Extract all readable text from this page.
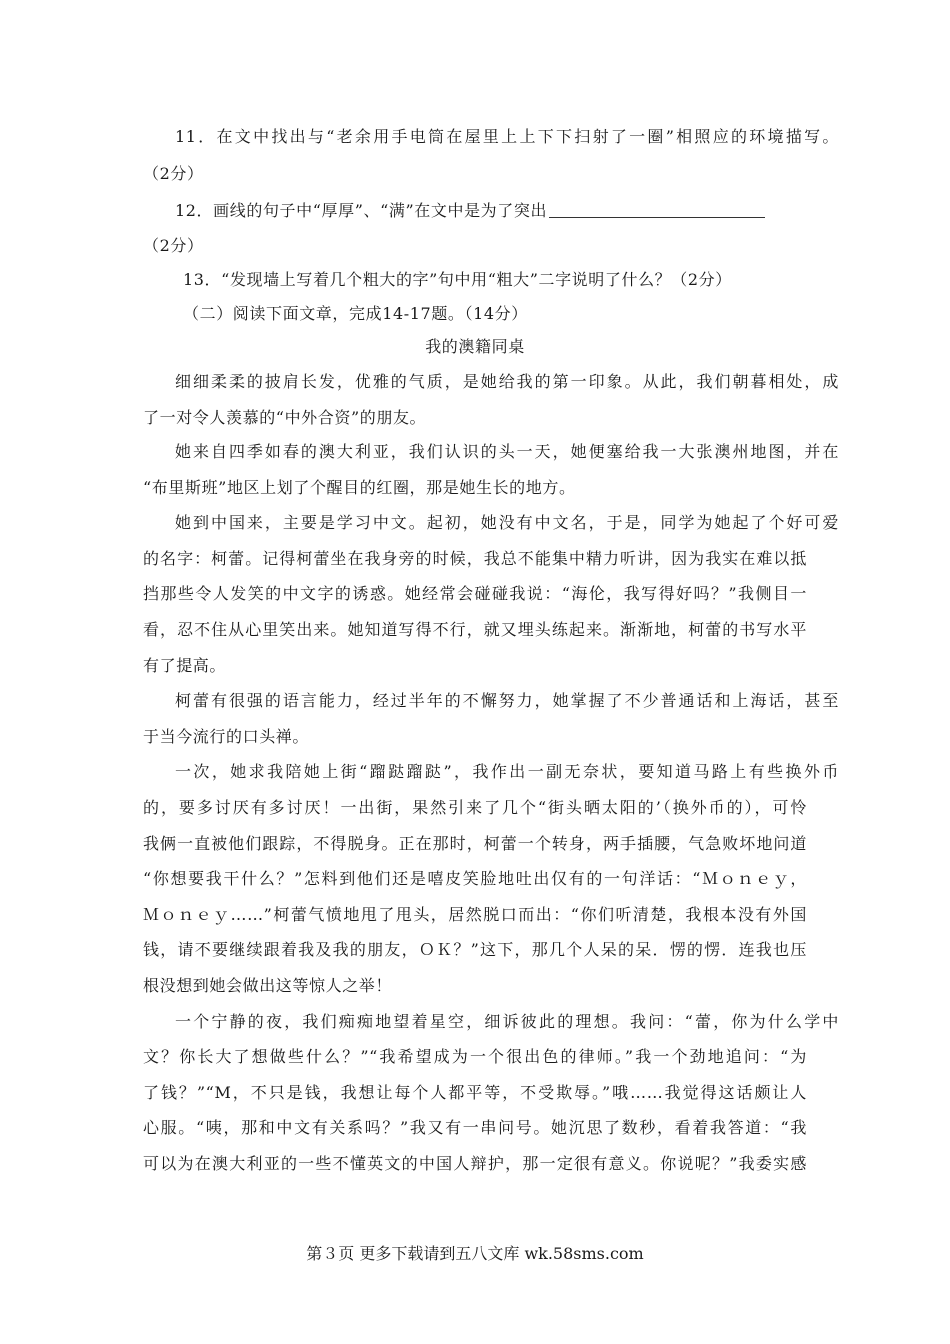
11．在文中找出与“老余用手电筒在屋里上上下下扫射了一圈”相照应的环境描写。
（2分）
12．画线的句子中“厚厚”、“满”在文中是为了突出
（2分）
13．“发现墙上写着几个粗大的字”句中用“粗大”二字说明了什么？（2分）
（二）阅读下面文章，完成14-17题。（14分）
我的澳籍同桌
细细柔柔的披肩长发，优雅的气质，是她给我的第一印象。从此，我们朝暮相处，成
了一对令人羡慕的“中外合资”的朋友。
她来自四季如春的澳大利亚，我们认识的头一天，她便塞给我一大张澳州地图，并在
“布里斯班”地区上划了个醒目的红圈，那是她生长的地方。
她到中国来，主要是学习中文。起初，她没有中文名，于是，同学为她起了个好可爱
的名字：柯蕾。记得柯蕾坐在我身旁的时候，我总不能集中精力听讲，因为我实在难以抵
挡那些令人发笑的中文字的诱惑。她经常会碰碰我说：“海伦，我写得好吗？”我侧目一
看，忍不住从心里笑出来。她知道写得不行，就又埋头练起来。渐渐地，柯蕾的书写水平
有了提高。
柯蕾有很强的语言能力，经过半年的不懈努力，她掌握了不少普通话和上海话，甚至
于当今流行的口头禅。
一次，她求我陪她上街“蹓跶蹓跶”，我作出一副无奈状，要知道马路上有些换外币
的，要多讨厌有多讨厌！一出街，果然引来了几个“街头晒太阳的’（换外币的），可怜
我俩一直被他们跟踪，不得脱身。正在那时，柯蕾一个转身，两手插腰，气急败坏地问道
“你想要我干什么？”怎料到他们还是嘻皮笑脸地吐出仅有的一句洋话：“Ｍｏｎｅｙ，
Ｍｏｎｅｙ……”柯蕾气愤地甩了甩头，居然脱口而出：“你们听清楚，我根本没有外国
钱，请不要继续跟着我及我的朋友，ＯＫ？”这下，那几个人呆的呆．愣的愣．连我也压
根没想到她会做出这等惊人之举！
一个宁静的夜，我们痴痴地望着星空，细诉彼此的理想。我问：“蕾，你为什么学中
文？你长大了想做些什么？”“我希望成为一个很出色的律师。”我一个劲地追问：“为
了钱？”“M，不只是钱，我想让每个人都平等，不受欺辱。”哦……我觉得这话颇让人
心服。“咦，那和中文有关系吗？”我又有一串问号。她沉思了数秒，看着我答道：“我
可以为在澳大利亚的一些不懂英文的中国人辩护，那一定很有意义。你说呢？”我委实感
第３页 更多下载请到五八文库 wk.58sms.com
